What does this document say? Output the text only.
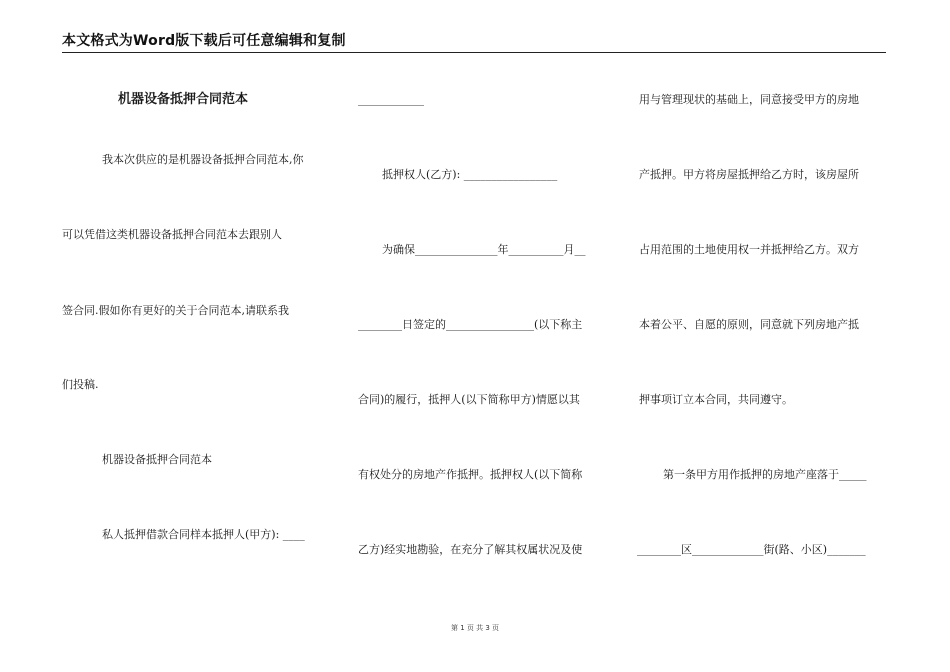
本文格式为Word版下载后可任意编辑和复制
机器设备抵押合同范本
我本次供应的是机器设备抵押合同范本,你
可以凭借这类机器设备抵押合同范本去跟别人
签合同.假如你有更好的关于合同范本,请联系我
们投稿.
机器设备抵押合同范本
私人抵押借款合同样本抵押人(甲方): ____
____________
抵押权人(乙方): _________________
为确保_______________年__________月__
________日签定的________________(以下称主
合同)的履行，抵押人(以下简称甲方)情愿以其
有权处分的房地产作抵押。抵押权人(以下简称
乙方)经实地勘验，在充分了解其权属状况及使
用与管理现状的基础上，同意接受甲方的房地
产抵押。甲方将房屋抵押给乙方时，该房屋所
占用范围的土地使用权一并抵押给乙方。双方
本着公平、自愿的原则，同意就下列房地产抵
押事项订立本合同，共同遵守。
第一条甲方用作抵押的房地产座落于_____
________区_____________街(路、小区)_______
第 1 页 共 3 页
